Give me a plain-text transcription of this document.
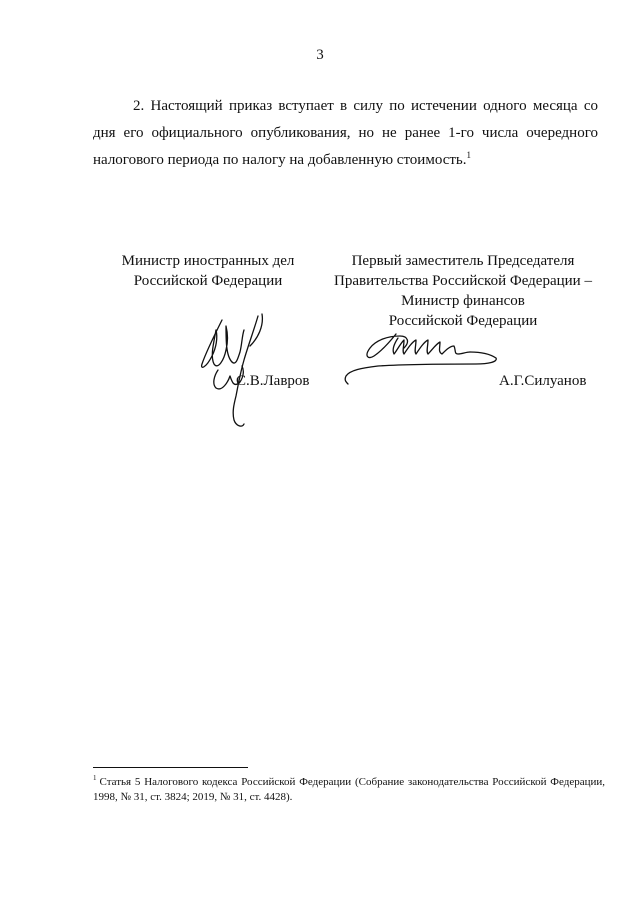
3
2. Настоящий приказ вступает в силу по истечении одного месяца со дня его официального опубликования, но не ранее 1-го числа очередного налогового периода по налогу на добавленную стоимость.$^1$
Министр иностранных дел
Российской Федерации
Первый заместитель Председателя
Правительства Российской Федерации –
Министр финансов
Российской Федерации
С.В.Лавров	А.Г.Силуанов
$^1$ Статья 5 Налогового кодекса Российской Федерации (Собрание законодательства Российской Федерации, 1998, № 31, ст. 3824; 2019, № 31, ст. 4428).
